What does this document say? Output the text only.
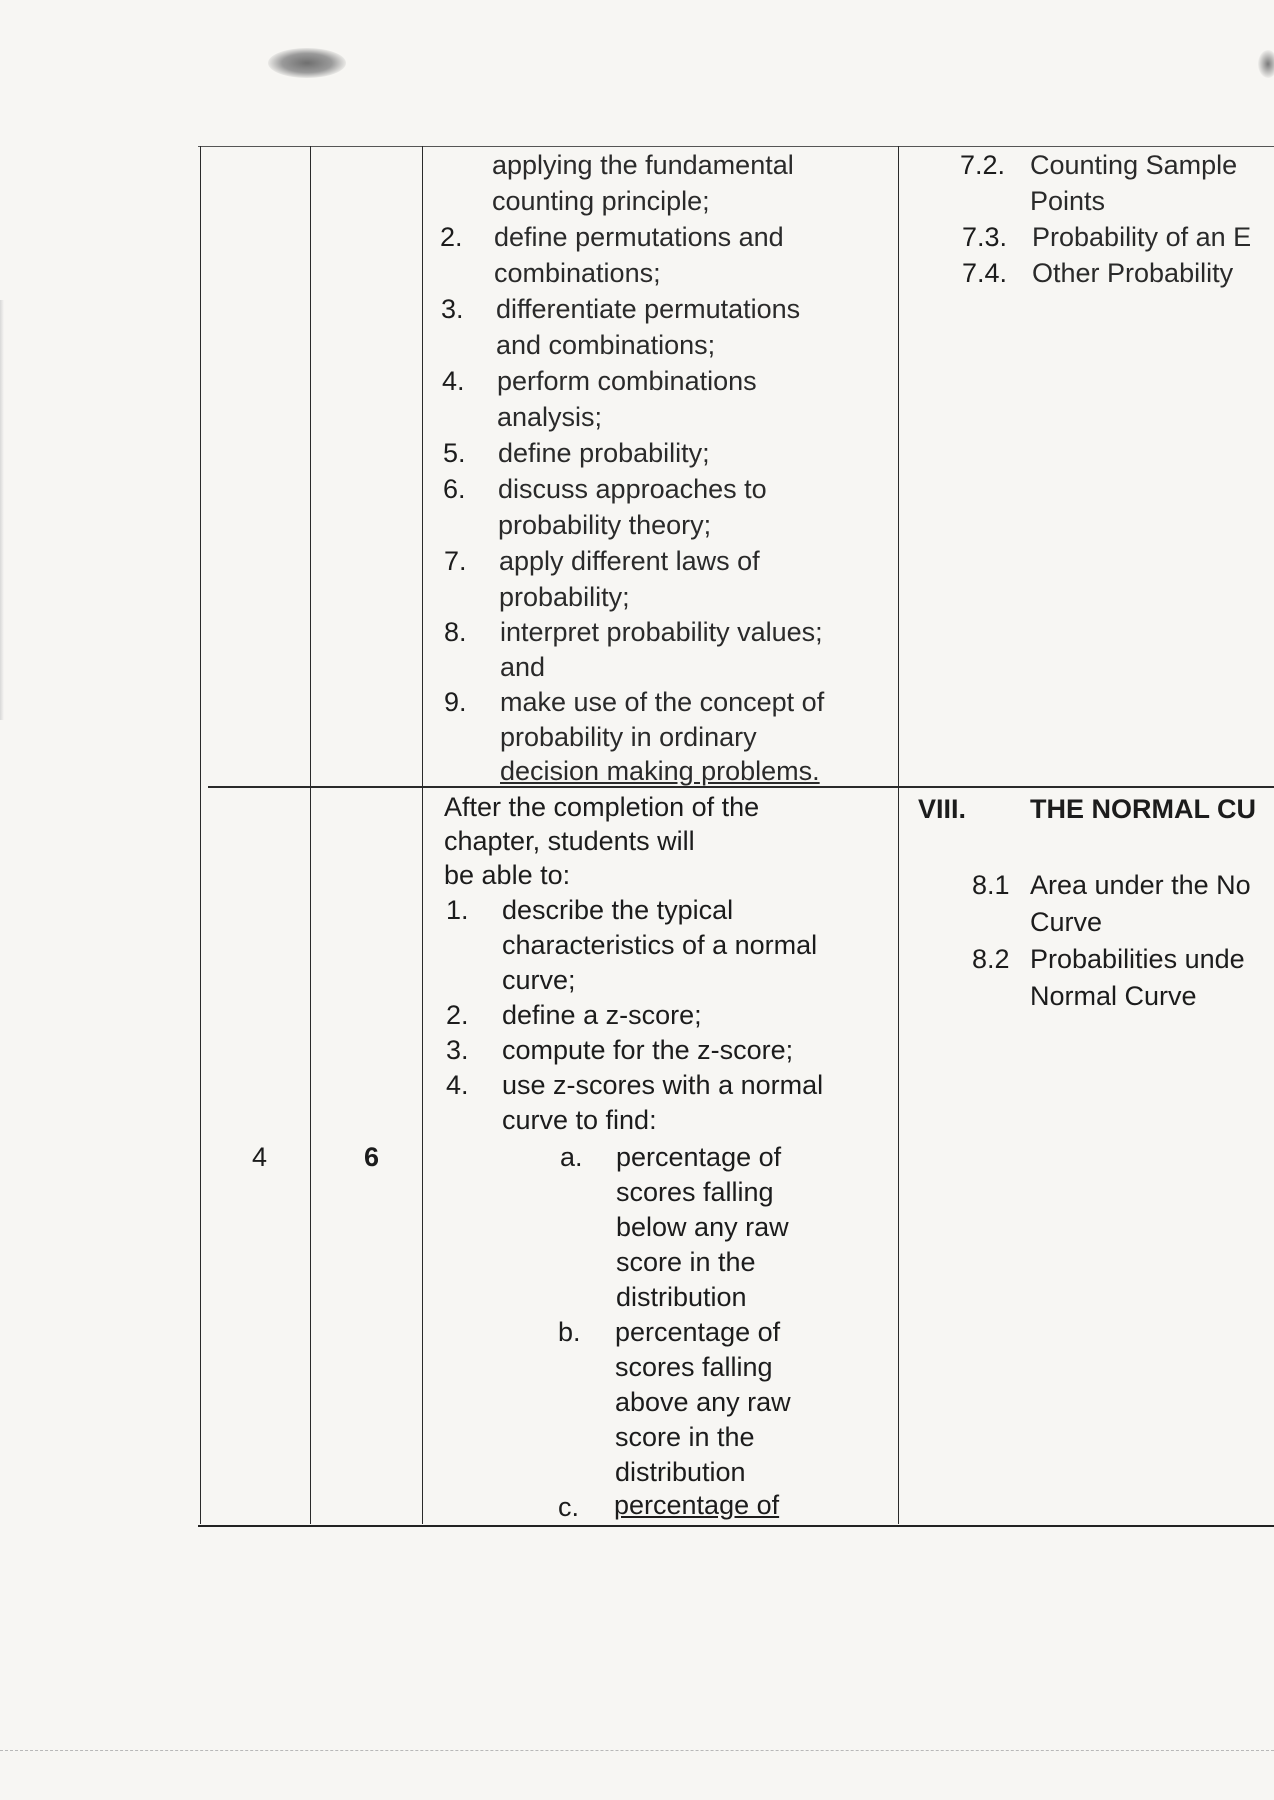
applying the fundamental
counting principle;
2. define permutations and
combinations;
3. differentiate permutations
and combinations;
4. perform combinations
analysis;
5. define probability;
6. discuss approaches to
probability theory;
7. apply different laws of
probability;
8. interpret probability values;
and
9. make use of the concept of
probability in ordinary
decision making problems.
7.2. Counting Sample
Points
7.3. Probability of an E
7.4. Other Probability
4	6
After the completion of the
chapter, students will
be able to:
1. describe the typical
characteristics of a normal
curve;
2. define a z-score;
3. compute for the z-score;
4. use z-scores with a normal
curve to find:
a. percentage of
scores falling
below any raw
score in the
distribution
b. percentage of
scores falling
above any raw
score in the
distribution
c. percentage of
VIII. THE NORMAL CU
8.1 Area under the No
Curve
8.2 Probabilities unde
Normal Curve
